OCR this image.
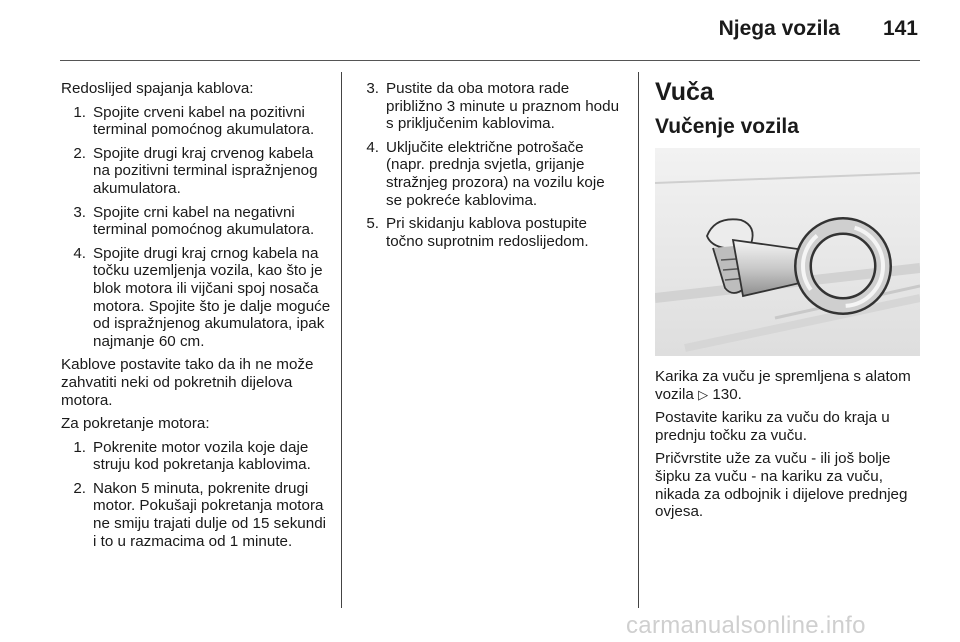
Njega vozila 141

Redoslijed spajanja kablova:

1. Spojite crveni kabel na pozitivni terminal pomoćnog akumulatora.
2. Spojite drugi kraj crvenog kabela na pozitivni terminal ispražnjenog akumulatora.
3. Spojite crni kabel na negativni terminal pomoćnog akumulatora.
4. Spojite drugi kraj crnog kabela na točku uzemljenja vozila, kao što je blok motora ili vijčani spoj nosača motora. Spojite što je dalje moguće od ispražnjenog akumulatora, ipak najmanje 60 cm.

Kablove postavite tako da ih ne može zahvatiti neki od pokretnih dijelova motora.

Za pokretanje motora:

1. Pokrenite motor vozila koje daje struju kod pokretanja kablovima.
2. Nakon 5 minuta, pokrenite drugi motor. Pokušaji pokretanja motora ne smiju trajati dulje od 15 sekundi i to u razmacima od 1 minute.
3. Pustite da oba motora rade približno 3 minute u praznom hodu s priključenim kablovima.
4. Uključite električne potrošače (napr. prednja svjetla, grijanje stražnjeg prozora) na vozilu koje se pokreće kablovima.
5. Pri skidanju kablova postupite točno suprotnim redoslijedom.
Vuča
Vučenje vozila

Karika za vuču je spremljena s alatom vozila ▷ 130.

Postavite kariku za vuču do kraja u prednju točku za vuču.

Pričvrstite uže za vuču - ili još bolje šipku za vuču - na kariku za vuču, nikada za odbojnik i dijelove prednjeg ovjesa.

carmanualsonline.info
